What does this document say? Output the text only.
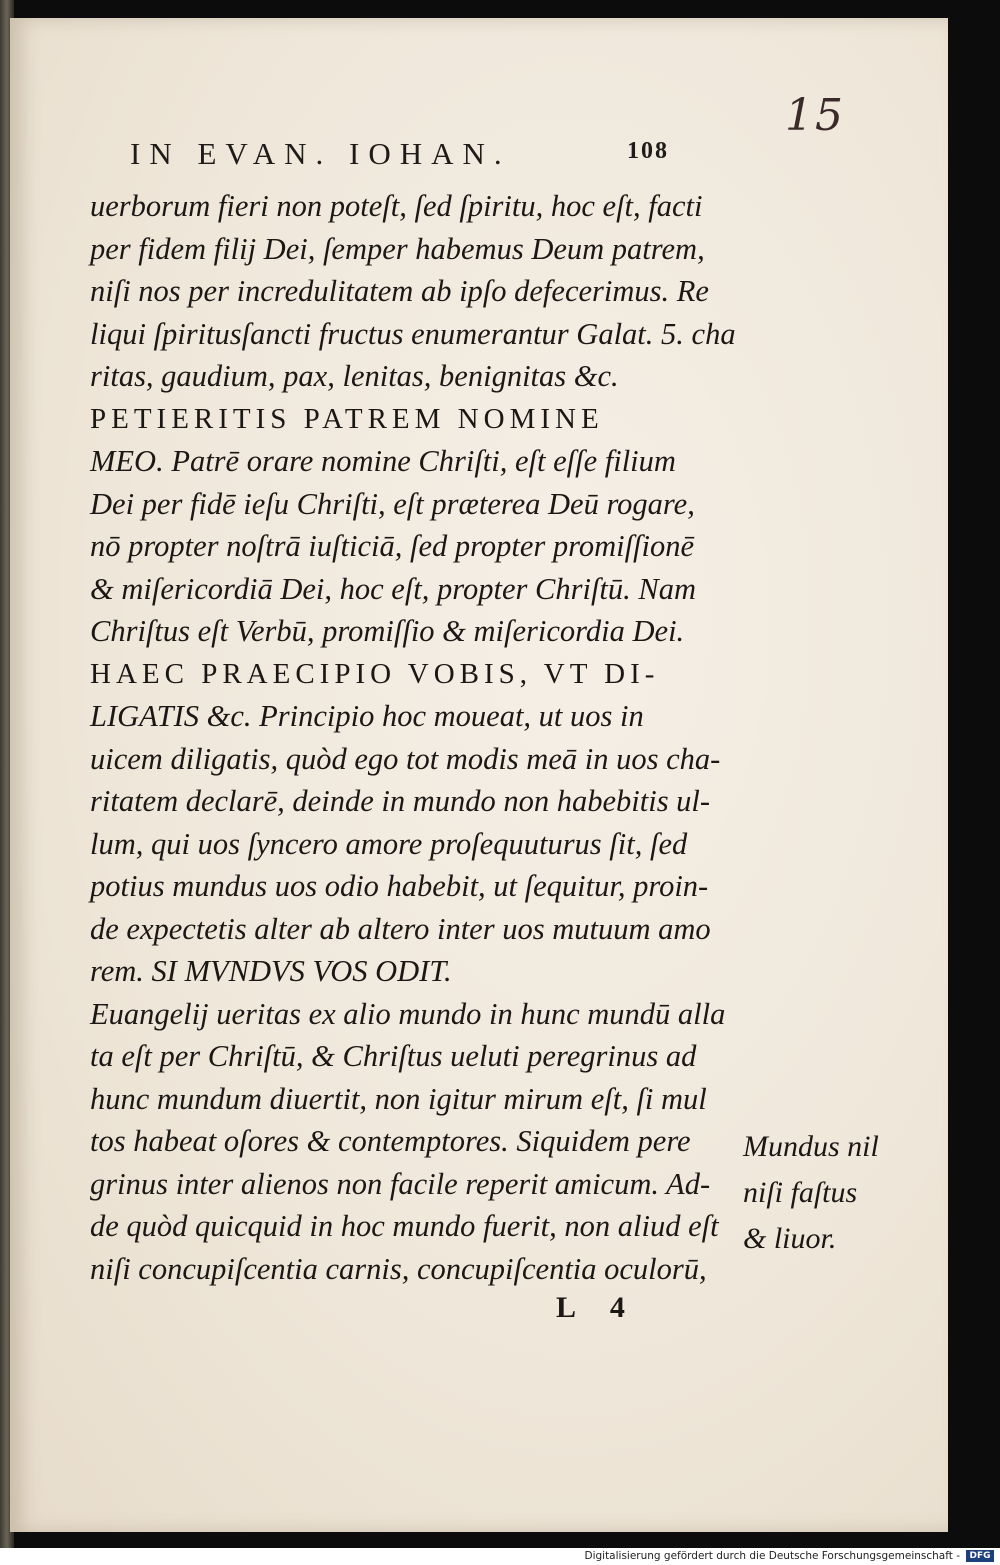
15
IN EVAN. IOHAN.	108
uerborum fieri non poteſt, ſed ſpiritu, hoc eſt, facti
per fidem filij Dei, ſemper habemus Deum patrem,
niſi nos per incredulitatem ab ipſo defecerimus. Re
liqui ſpiritusſancti fructus enumerantur Galat. 5. cha
ritas, gaudium, pax, lenitas, benignitas &c.
PETIERITIS PATREM NOMINE
MEO. Patrē orare nomine Chriſti, eſt eſſe filium
Dei per fidē ieſu Chriſti, eſt præterea Deū rogare,
nō propter noſtrā iuſticiā, ſed propter promiſſionē
& miſericordiā Dei, hoc eſt, propter Chriſtū. Nam
Chriſtus eſt Verbū, promiſſio & miſericordia Dei.
HAEC PRAECIPIO VOBIS, VT DI-
LIGATIS &c. Principio hoc moueat, ut uos in
uicem diligatis, quòd ego tot modis meā in uos cha-
ritatem declarē, deinde in mundo non habebitis ul-
lum, qui uos ſyncero amore proſequuturus ſit, ſed
potius mundus uos odio habebit, ut ſequitur, proin-
de expectetis alter ab altero inter uos mutuum amo
rem. SI MVNDVS VOS ODIT.
Euangelij ueritas ex alio mundo in hunc mundū alla
ta eſt per Chriſtū, & Chriſtus ueluti peregrinus ad
hunc mundum diuertit, non igitur mirum eſt, ſi mul
tos habeat oſores & contemptores. Siquidem pere
grinus inter alienos non facile reperit amicum. Ad-
de quòd quicquid in hoc mundo fuerit, non aliud eſt
niſi concupiſcentia carnis, concupiſcentia oculorū,
Mundus nil
niſi faſtus
& liuor.
L 4
Digitalisierung gefördert durch die Deutsche Forschungsgemeinschaft -	DFG
